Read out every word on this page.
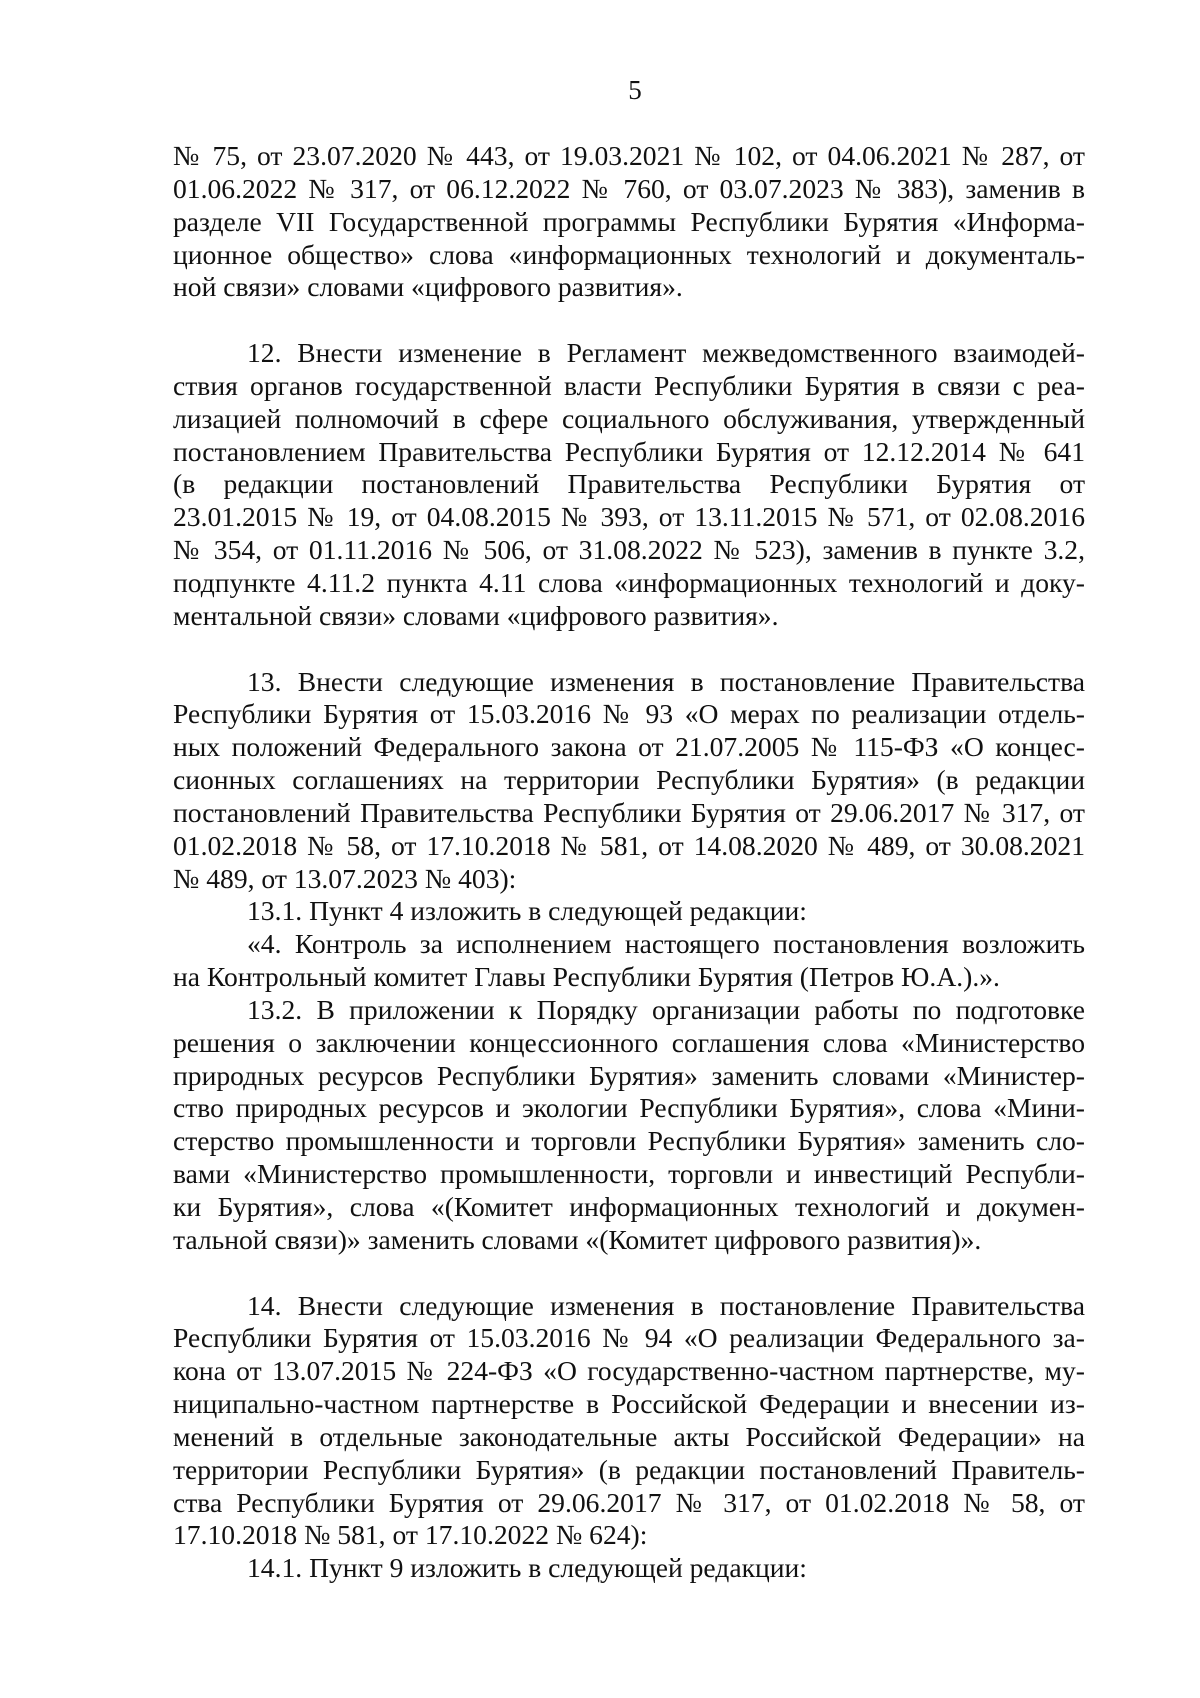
5
№ 75, от 23.07.2020 № 443, от 19.03.2021 № 102, от 04.06.2021 № 287, от
01.06.2022 № 317, от 06.12.2022 № 760, от 03.07.2023 № 383), заменив в
разделе VII Государственной программы Республики Бурятия «Информа-
ционное общество» слова «информационных технологий и документаль-
ной связи» словами «цифрового развития».
12. Внести изменение в Регламент межведомственного взаимодей-
ствия органов государственной власти Республики Бурятия в связи с реа-
лизацией полномочий в сфере социального обслуживания, утвержденный
постановлением Правительства Республики Бурятия от 12.12.2014 № 641
(в редакции постановлений Правительства Республики Бурятия от
23.01.2015 № 19, от 04.08.2015 № 393, от 13.11.2015 № 571, от 02.08.2016
№ 354, от 01.11.2016 № 506, от 31.08.2022 № 523), заменив в пункте 3.2,
подпункте 4.11.2 пункта 4.11 слова «информационных технологий и доку-
ментальной связи» словами «цифрового развития».
13. Внести следующие изменения в постановление Правительства
Республики Бурятия от 15.03.2016 № 93 «О мерах по реализации отдель-
ных положений Федерального закона от 21.07.2005 № 115-ФЗ «О концес-
сионных соглашениях на территории Республики Бурятия» (в редакции
постановлений Правительства Республики Бурятия от 29.06.2017 № 317, от
01.02.2018 № 58, от 17.10.2018 № 581, от 14.08.2020 № 489, от 30.08.2021
№ 489, от 13.07.2023 № 403):
13.1. Пункт 4 изложить в следующей редакции:
«4. Контроль за исполнением настоящего постановления возложить
на Контрольный комитет Главы Республики Бурятия (Петров Ю.А.).».
13.2. В приложении к Порядку организации работы по подготовке
решения о заключении концессионного соглашения слова «Министерство
природных ресурсов Республики Бурятия» заменить словами «Министер-
ство природных ресурсов и экологии Республики Бурятия», слова «Мини-
стерство промышленности и торговли Республики Бурятия» заменить сло-
вами «Министерство промышленности, торговли и инвестиций Республи-
ки Бурятия», слова «(Комитет информационных технологий и докумен-
тальной связи)» заменить словами «(Комитет цифрового развития)».
14. Внести следующие изменения в постановление Правительства
Республики Бурятия от 15.03.2016 № 94 «О реализации Федерального за-
кона от 13.07.2015 № 224-ФЗ «О государственно-частном партнерстве, му-
ниципально-частном партнерстве в Российской Федерации и внесении из-
менений в отдельные законодательные акты Российской Федерации» на
территории Республики Бурятия» (в редакции постановлений Правитель-
ства Республики Бурятия от 29.06.2017 № 317, от 01.02.2018 № 58, от
17.10.2018 № 581, от 17.10.2022 № 624):
14.1. Пункт 9 изложить в следующей редакции:
